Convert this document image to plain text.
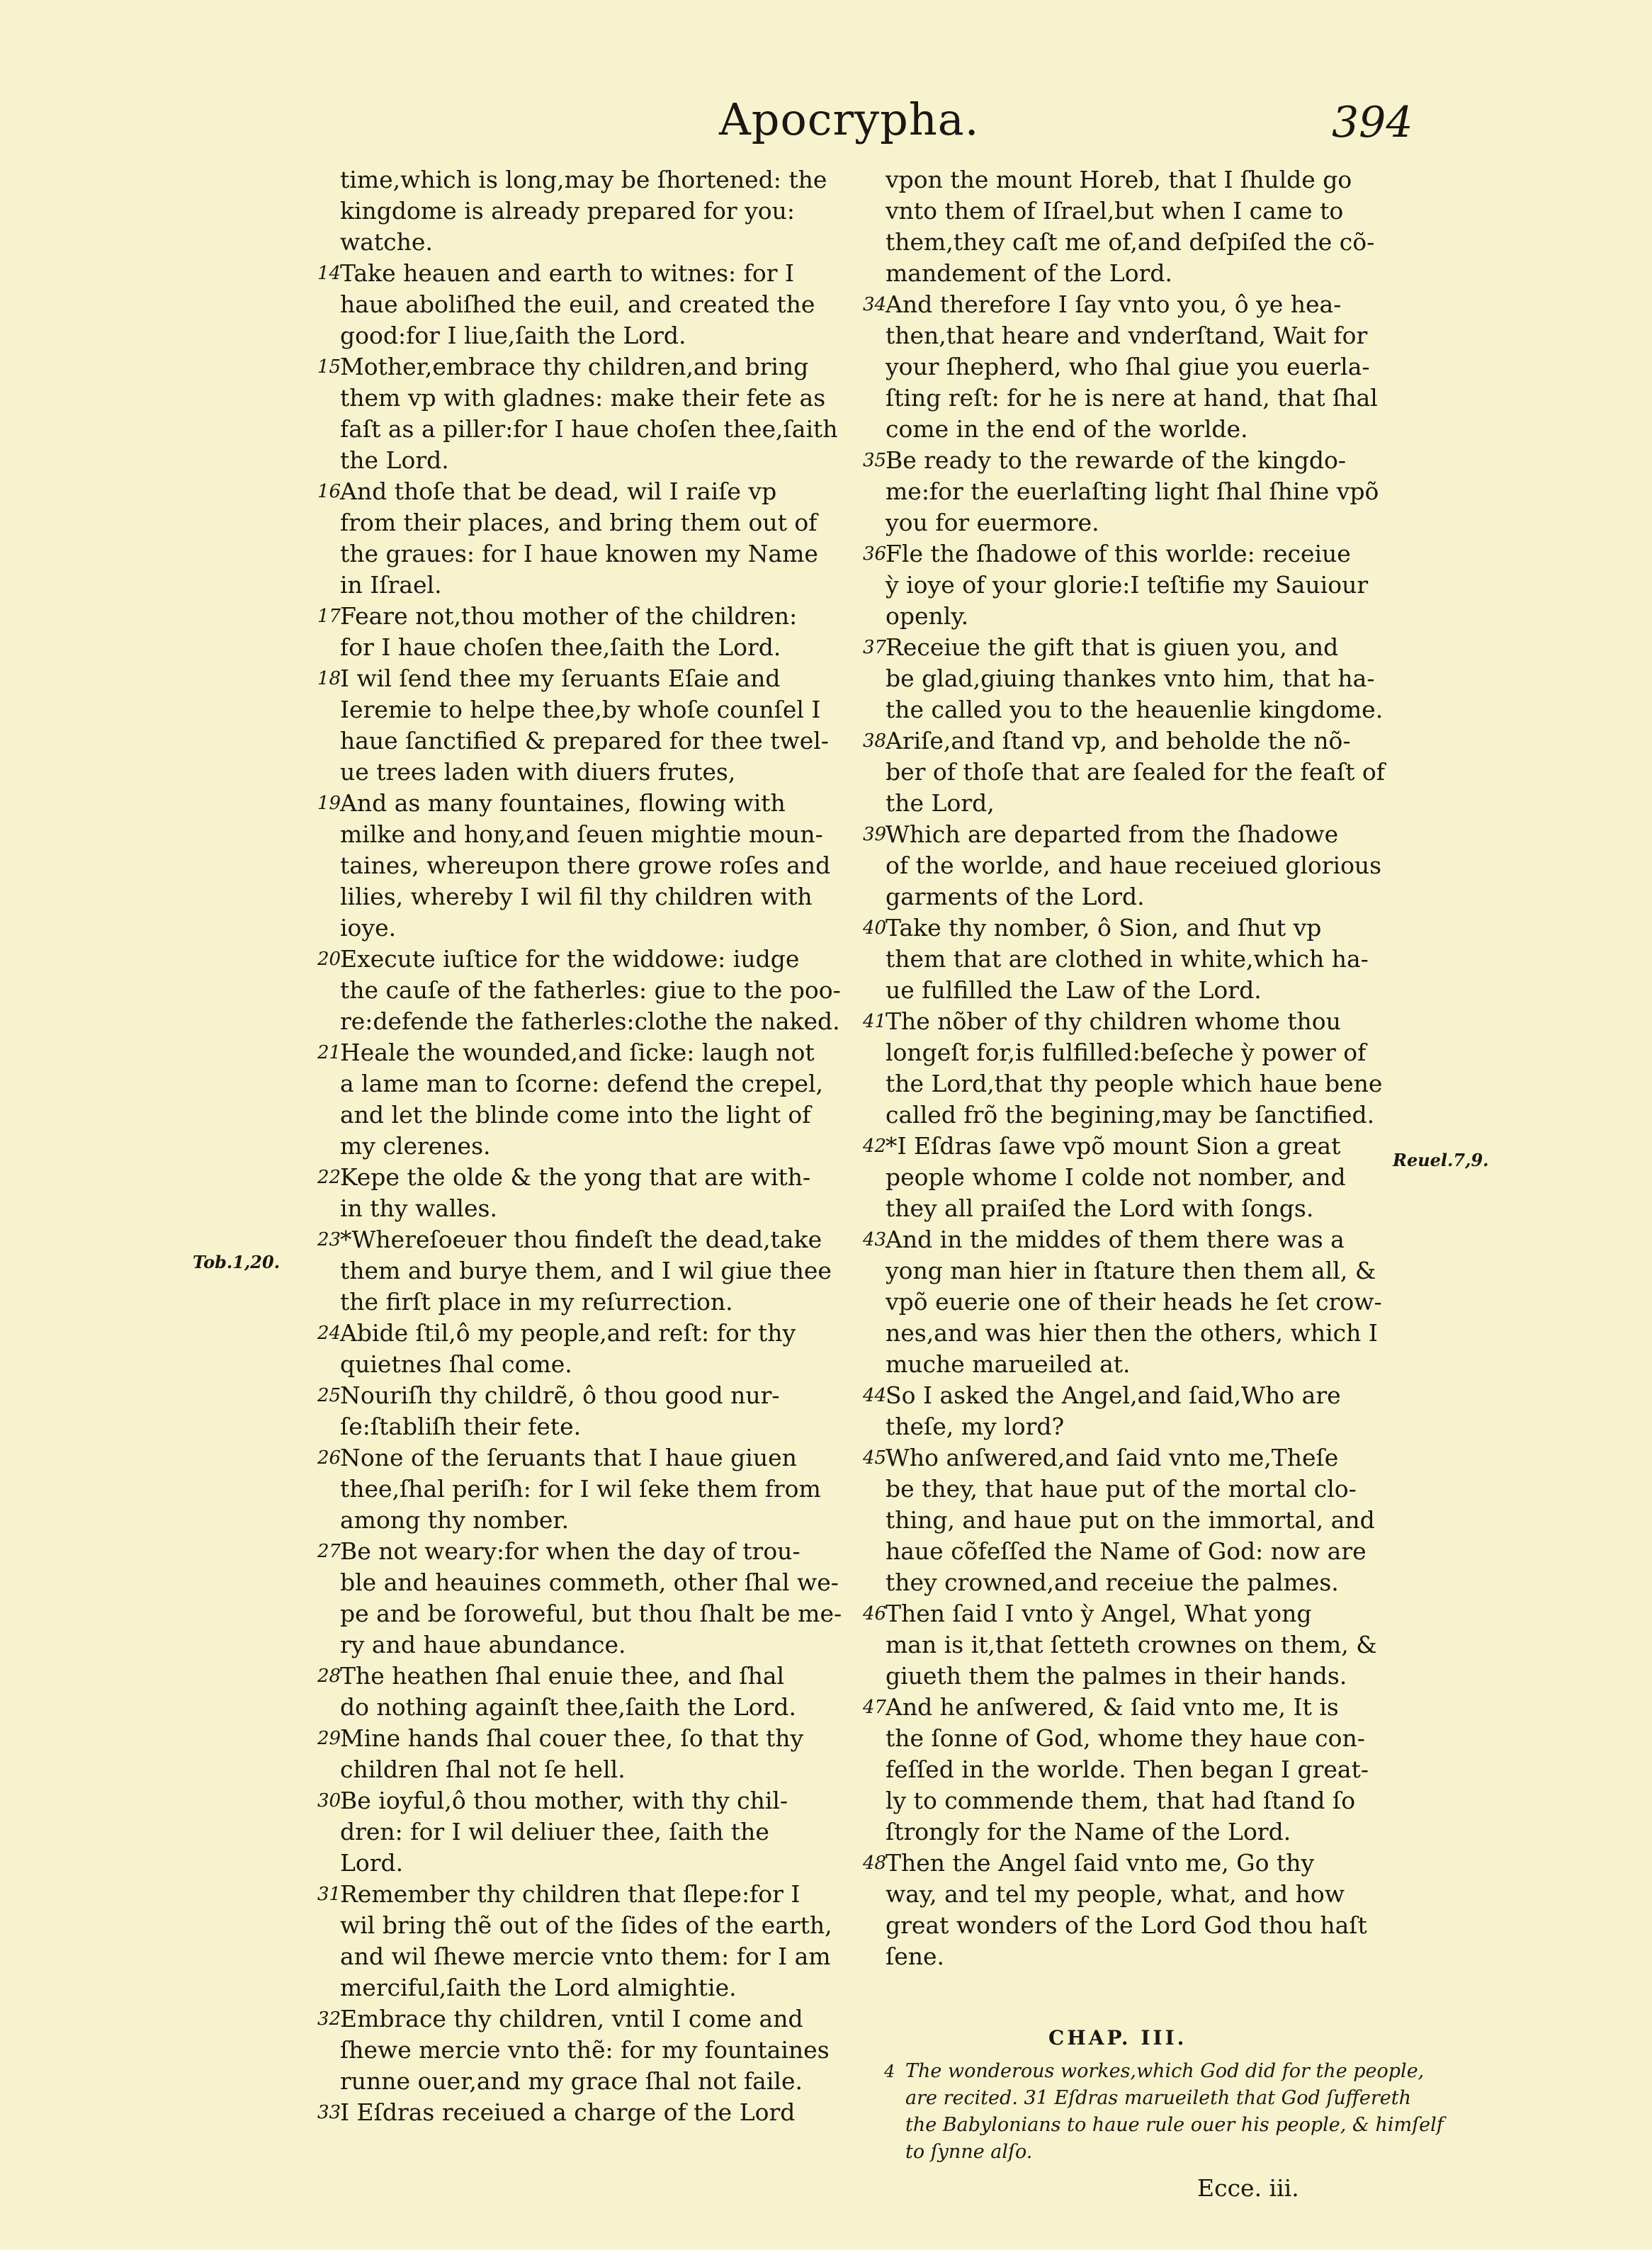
Apocrypha.	394
time,which is long,may be ſhortened: the
kingdome is already prepared for you:
watche.
14
Take heauen and earth to witnes: for I
haue aboliſhed the euil, and created the
good:for I liue,ſaith the Lord.
15
Mother,embrace thy children,and bring
them vp with gladnes: make their fete as
faſt as a piller:for I haue choſen thee,ſaith
the Lord.
16
And thoſe that be dead, wil I raiſe vp
from their places, and bring them out of
the graues: for I haue knowen my Name
in Iſrael.
17
Feare not,thou mother of the children:
for I haue choſen thee,ſaith the Lord.
18
I wil ſend thee my ſeruants Eſaie and
Ieremie to helpe thee,by whoſe counſel I
haue ſanctified & prepared for thee twel-
ue trees laden with diuers frutes,
19
And as many fountaines, flowing with
milke and hony,and ſeuen mightie moun-
taines, whereupon there growe roſes and
lilies, whereby I wil fil thy children with
ioye.
20
Execute iuſtice for the widdowe: iudge
the cauſe of the fatherles: giue to the poo-
re:defende the fatherles:clothe the naked.
21
Heale the wounded,and ſicke: laugh not
a lame man to ſcorne: defend the crepel,
and let the blinde come into the light of
my clerenes.
22
Kepe the olde & the yong that are with-
in thy walles.
23
*Whereſoeuer thou findeſt the dead,take
them and burye them, and I wil giue thee
the firſt place in my reſurrection.
24
Abide ſtil,ô my people,and reſt: for thy
quietnes ſhal come.
25
Nouriſh thy childrẽ, ô thou good nur-
ſe:ſtabliſh their fete.
26
None of the ſeruants that I haue giuen
thee,ſhal periſh: for I wil ſeke them from
among thy nomber.
27
Be not weary:for when the day of trou-
ble and heauines commeth, other ſhal we-
pe and be ſoroweful, but thou ſhalt be me-
ry and haue abundance.
28
The heathen ſhal enuie thee, and ſhal
do nothing againſt thee,ſaith the Lord.
29
Mine hands ſhal couer thee, ſo that thy
children ſhal not ſe hell.
30
Be ioyful,ô thou mother, with thy chil-
dren: for I wil deliuer thee, ſaith the
Lord.
31
Remember thy children that ſlepe:for I
wil bring thẽ out of the ſides of the earth,
and wil ſhewe mercie vnto them: for I am
merciful,ſaith the Lord almightie.
32
Embrace thy children, vntil I come and
ſhewe mercie vnto thẽ: for my fountaines
runne ouer,and my grace ſhal not faile.
33
I Eſdras receiued a charge of the Lord
vpon the mount Horeb, that I ſhulde go
vnto them of Iſrael,but when I came to
them,they caſt me of,and deſpiſed the cõ-
mandement of the Lord.
34
And therefore I ſay vnto you, ô ye hea-
then,that heare and vnderſtand, Wait for
your ſhepherd, who ſhal giue you euerla-
ſting reſt: for he is nere at hand, that ſhal
come in the end of the worlde.
35
Be ready to the rewarde of the kingdo-
me:for the euerlaſting light ſhal ſhine vpõ
you for euermore.
36
Fle the ſhadowe of this worlde: receiue
ỳ ioye of your glorie:I teſtifie my Sauiour
openly.
37
Receiue the gift that is giuen you, and
be glad,giuing thankes vnto him, that ha-
the called you to the heauenlie kingdome.
38
Ariſe,and ſtand vp, and beholde the nõ-
ber of thoſe that are ſealed for the feaſt of
the Lord,
39
Which are departed from the ſhadowe
of the worlde, and haue receiued glorious
garments of the Lord.
40
Take thy nomber, ô Sion, and ſhut vp
them that are clothed in white,which ha-
ue fulfilled the Law of the Lord.
41
The nõber of thy children whome thou
longeſt for,is fulfilled:beſeche ỳ power of
the Lord,that thy people which haue bene
called frõ the begining,may be ſanctified.
42
*I Eſdras ſawe vpõ mount Sion a great
people whome I colde not nomber, and
they all praiſed the Lord with ſongs.
43
And in the middes of them there was a
yong man hier in ſtature then them all, &
vpõ euerie one of their heads he ſet crow-
nes,and was hier then the others, which I
muche marueiled at.
44
So I asked the Angel,and ſaid,Who are
theſe, my lord?
45
Who anſwered,and ſaid vnto me,Theſe
be they, that haue put of the mortal clo-
thing, and haue put on the immortal, and
haue cõfeſſed the Name of God: now are
they crowned,and receiue the palmes.
46
Then ſaid I vnto ỳ Angel, What yong
man is it,that ſetteth crownes on them, &
giueth them the palmes in their hands.
47
And he anſwered, & ſaid vnto me, It is
the ſonne of God, whome they haue con-
feſſed in the worlde. Then began I great-
ly to commende them, that had ſtand ſo
ſtrongly for the Name of the Lord.
48
Then the Angel ſaid vnto me, Go thy
way, and tel my people, what, and how
great wonders of the Lord God thou haſt
ſene.
Tob.1,20.
Reuel.7,9.
CHAP. III.
4 The wonderous workes,which God did for the people,
are recited. 31 Eſdras marueileth that God ſuffereth
the Babylonians to haue rule ouer his people, & himſelf
to ſynne alſo.
Ecce. iii.
